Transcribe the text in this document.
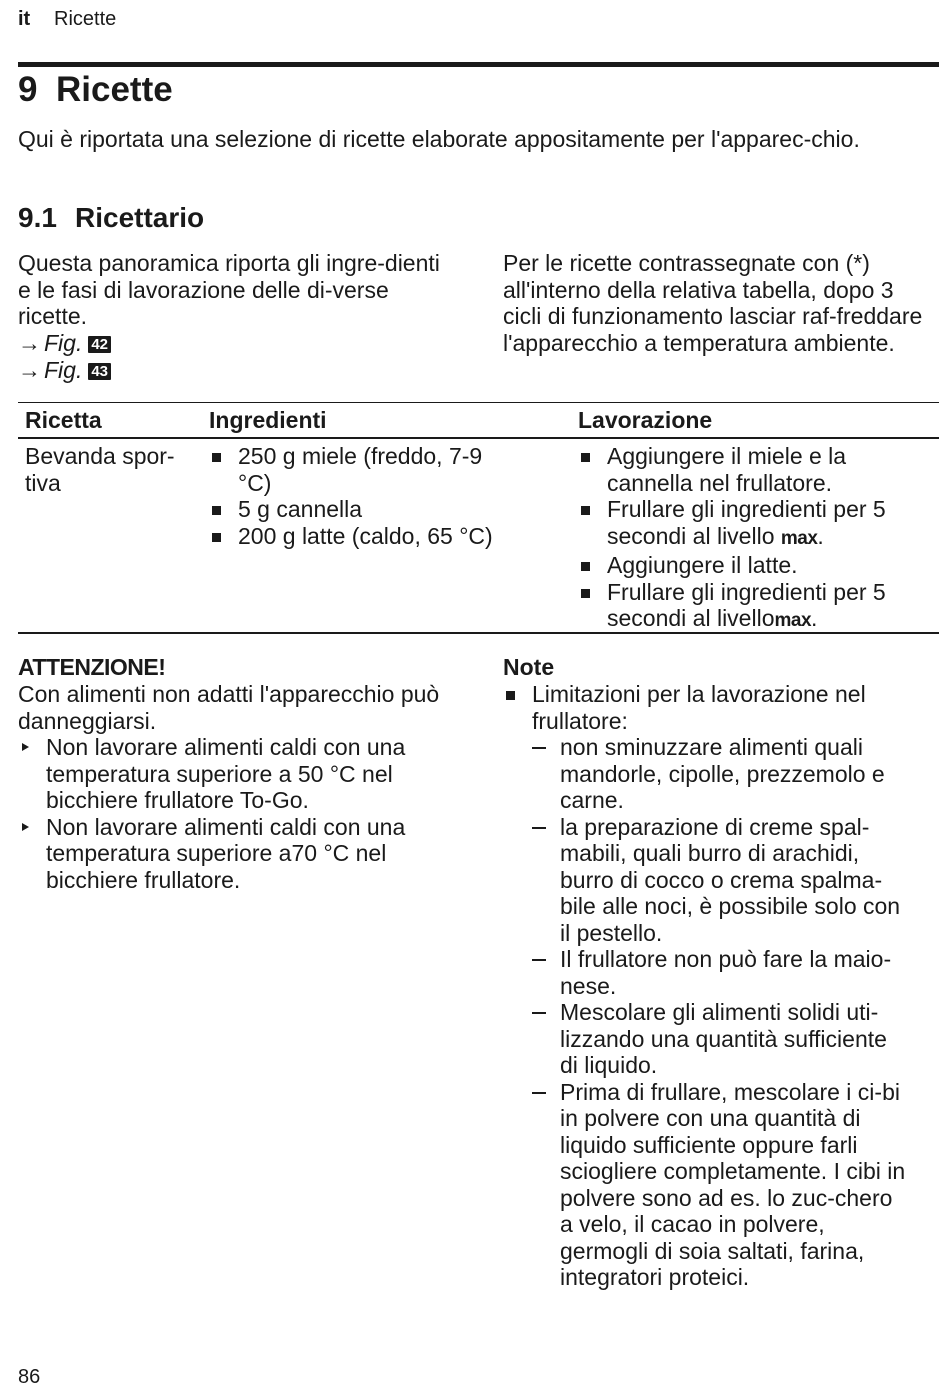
it Ricette
9 Ricette
Qui è riportata una selezione di ricette elaborate appositamente per l'apparec-chio.
9.1 Ricettario
Questa panoramica riporta gli ingre-dienti e le fasi di lavorazione delle di-verse ricette.
→ Fig. 42
→ Fig. 43
Per le ricette contrassegnate con (*) all'interno della relativa tabella, dopo 3 cicli di funzionamento lasciar raf-freddare l'apparecchio a temperatura ambiente.
Ricetta	Ingredienti	Lavorazione
Bevanda spor-tiva
250 g miele (freddo, 7-9 °C)
5 g cannella
200 g latte (caldo, 65 °C)
Aggiungere il miele e la cannella nel frullatore.
Frullare gli ingredienti per 5 secondi al livello max.
Aggiungere il latte.
Frullare gli ingredienti per 5 secondi al livellomax.
ATTENZIONE!
Con alimenti non adatti l'apparecchio può danneggiarsi.
Non lavorare alimenti caldi con una temperatura superiore a 50 °C nel bicchiere frullatore To-Go.
Non lavorare alimenti caldi con una temperatura superiore a70 °C nel bicchiere frullatore.
Note
Limitazioni per la lavorazione nel frullatore:
non sminuzzare alimenti quali mandorle, cipolle, prezzemolo e carne.
la preparazione di creme spal-mabili, quali burro di arachidi, burro di cocco o crema spalma-bile alle noci, è possibile solo con il pestello.
Il frullatore non può fare la maio-nese.
Mescolare gli alimenti solidi uti-lizzando una quantità sufficiente di liquido.
Prima di frullare, mescolare i ci-bi in polvere con una quantità di liquido sufficiente oppure farli sciogliere completamente. I cibi in polvere sono ad es. lo zuc-chero a velo, il cacao in polvere, germogli di soia saltati, farina, integratori proteici.
86
